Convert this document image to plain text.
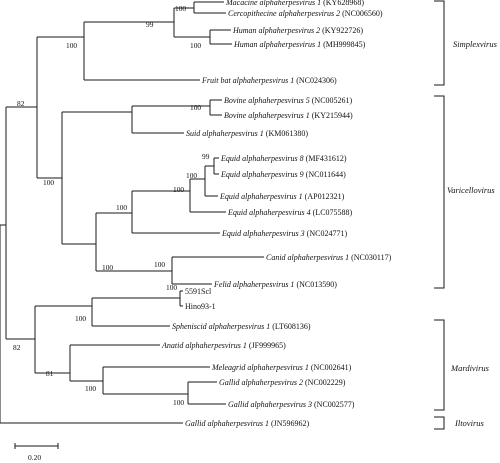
Macacine alphaherpesvirus 1 (KY628968)
Cercopithecine alphaherpesvirus 2 (NC006560)
Human alphaherpesvirus 2 (KY922726)
Human alphaherpesvirus 1 (MH999845)
Fruit bat alphaherpesvirus 1 (NC024306)
Bovine alphaherpesvirus 5 (NC005261)
Bovine alphaherpesvirus 1 (KY215944)
Suid alphaherpesvirus 1 (KM061380)
Equid alphaherpesvirus 8 (MF431612)
Equid alphaherpesvirus 9 (NC011644)
Equid alphaherpesvirus 1 (AP012321)
Equid alphaherpesvirus 4 (LC075588)
Equid alphaherpesvirus 3 (NC024771)
Canid alphaherpesvirus 1 (NC030117)
Felid alphaherpesvirus 1 (NC013590)
5591Scl
Hino93-1
Spheniscid alphaherpesvirus 1 (LT608136)
Anatid alphaherpesvirus 1 (JF999965)
Meleagrid alphaherpesvirus 1 (NC002641)
Gallid alphaherpesvirus 2 (NC002229)
Gallid alphaherpesvirus 3 (NC002577)
Gallid alphaherpesvirus 1 (JN596962)
100
100
99
100
100
99
100
100
100
100
100
100
82
100
100
100
100
81
82
Simplexvirus
Varicellovirus
Mardivirus
Iltovirus
0.20
